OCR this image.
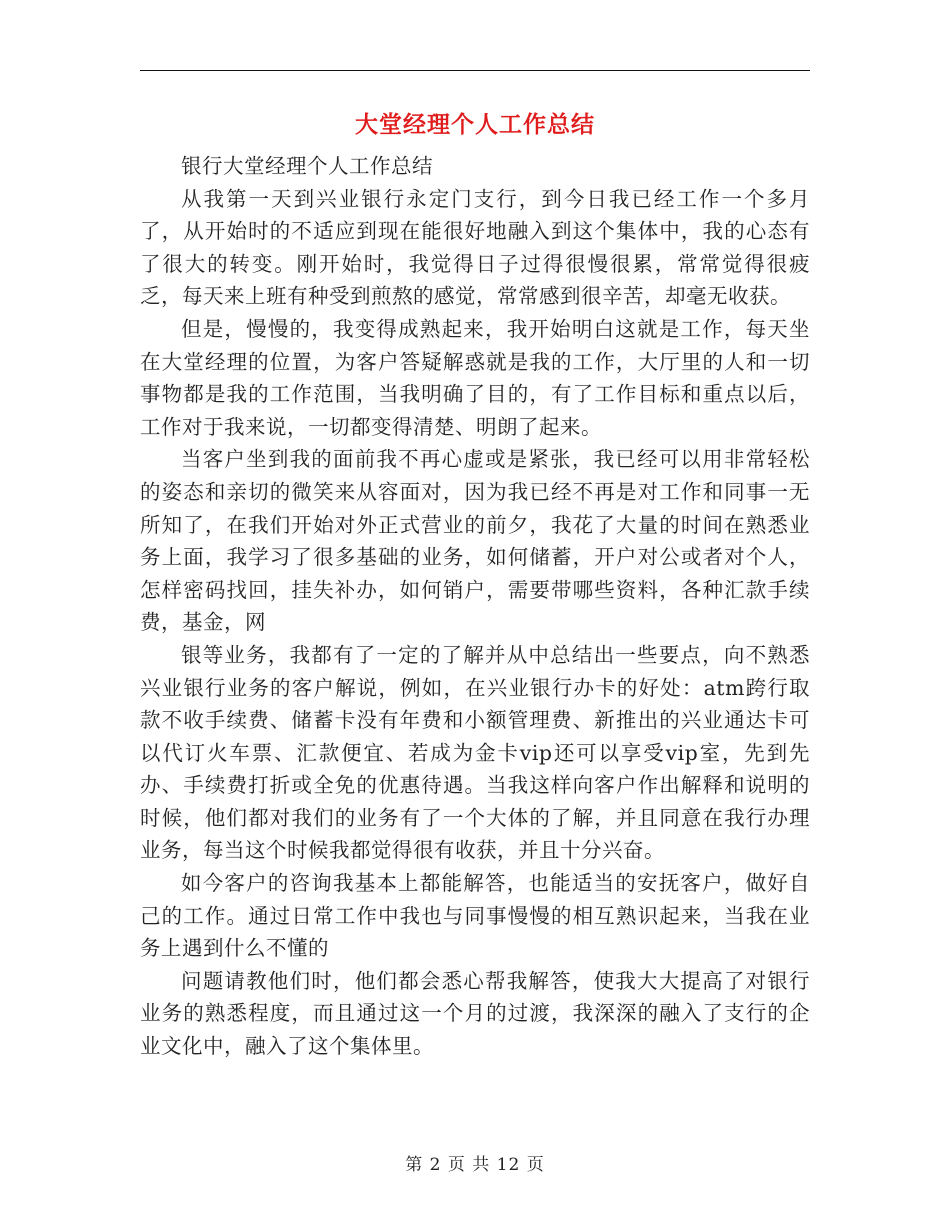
大堂经理个人工作总结

银行大堂经理个人工作总结

从我第一天到兴业银行永定门支行，到今日我已经工作一个多月了，从开始时的不适应到现在能很好地融入到这个集体中，我的心态有了很大的转变。刚开始时，我觉得日子过得很慢很累，常常觉得很疲乏，每天来上班有种受到煎熬的感觉，常常感到很辛苦，却毫无收获。

但是，慢慢的，我变得成熟起来，我开始明白这就是工作，每天坐在大堂经理的位置，为客户答疑解惑就是我的工作，大厅里的人和一切事物都是我的工作范围，当我明确了目的，有了工作目标和重点以后，工作对于我来说，一切都变得清楚、明朗了起来。

当客户坐到我的面前我不再心虚或是紧张，我已经可以用非常轻松的姿态和亲切的微笑来从容面对，因为我已经不再是对工作和同事一无所知了，在我们开始对外正式营业的前夕，我花了大量的时间在熟悉业务上面，我学习了很多基础的业务，如何储蓄，开户对公或者对个人，怎样密码找回，挂失补办，如何销户，需要带哪些资料，各种汇款手续费，基金，网

银等业务，我都有了一定的了解并从中总结出一些要点，向不熟悉兴业银行业务的客户解说，例如，在兴业银行办卡的好处：atm跨行取款不收手续费、储蓄卡没有年费和小额管理费、新推出的兴业通达卡可以代订火车票、汇款便宜、若成为金卡vip还可以享受vip室，先到先办、手续费打折或全免的优惠待遇。当我这样向客户作出解释和说明的时候，他们都对我们的业务有了一个大体的了解，并且同意在我行办理业务，每当这个时候我都觉得很有收获，并且十分兴奋。

如今客户的咨询我基本上都能解答，也能适当的安抚客户，做好自己的工作。通过日常工作中我也与同事慢慢的相互熟识起来，当我在业务上遇到什么不懂的

问题请教他们时，他们都会悉心帮我解答，使我大大提高了对银行业务的熟悉程度，而且通过这一个月的过渡，我深深的融入了支行的企业文化中，融入了这个集体里。

第 2 页 共 12 页
